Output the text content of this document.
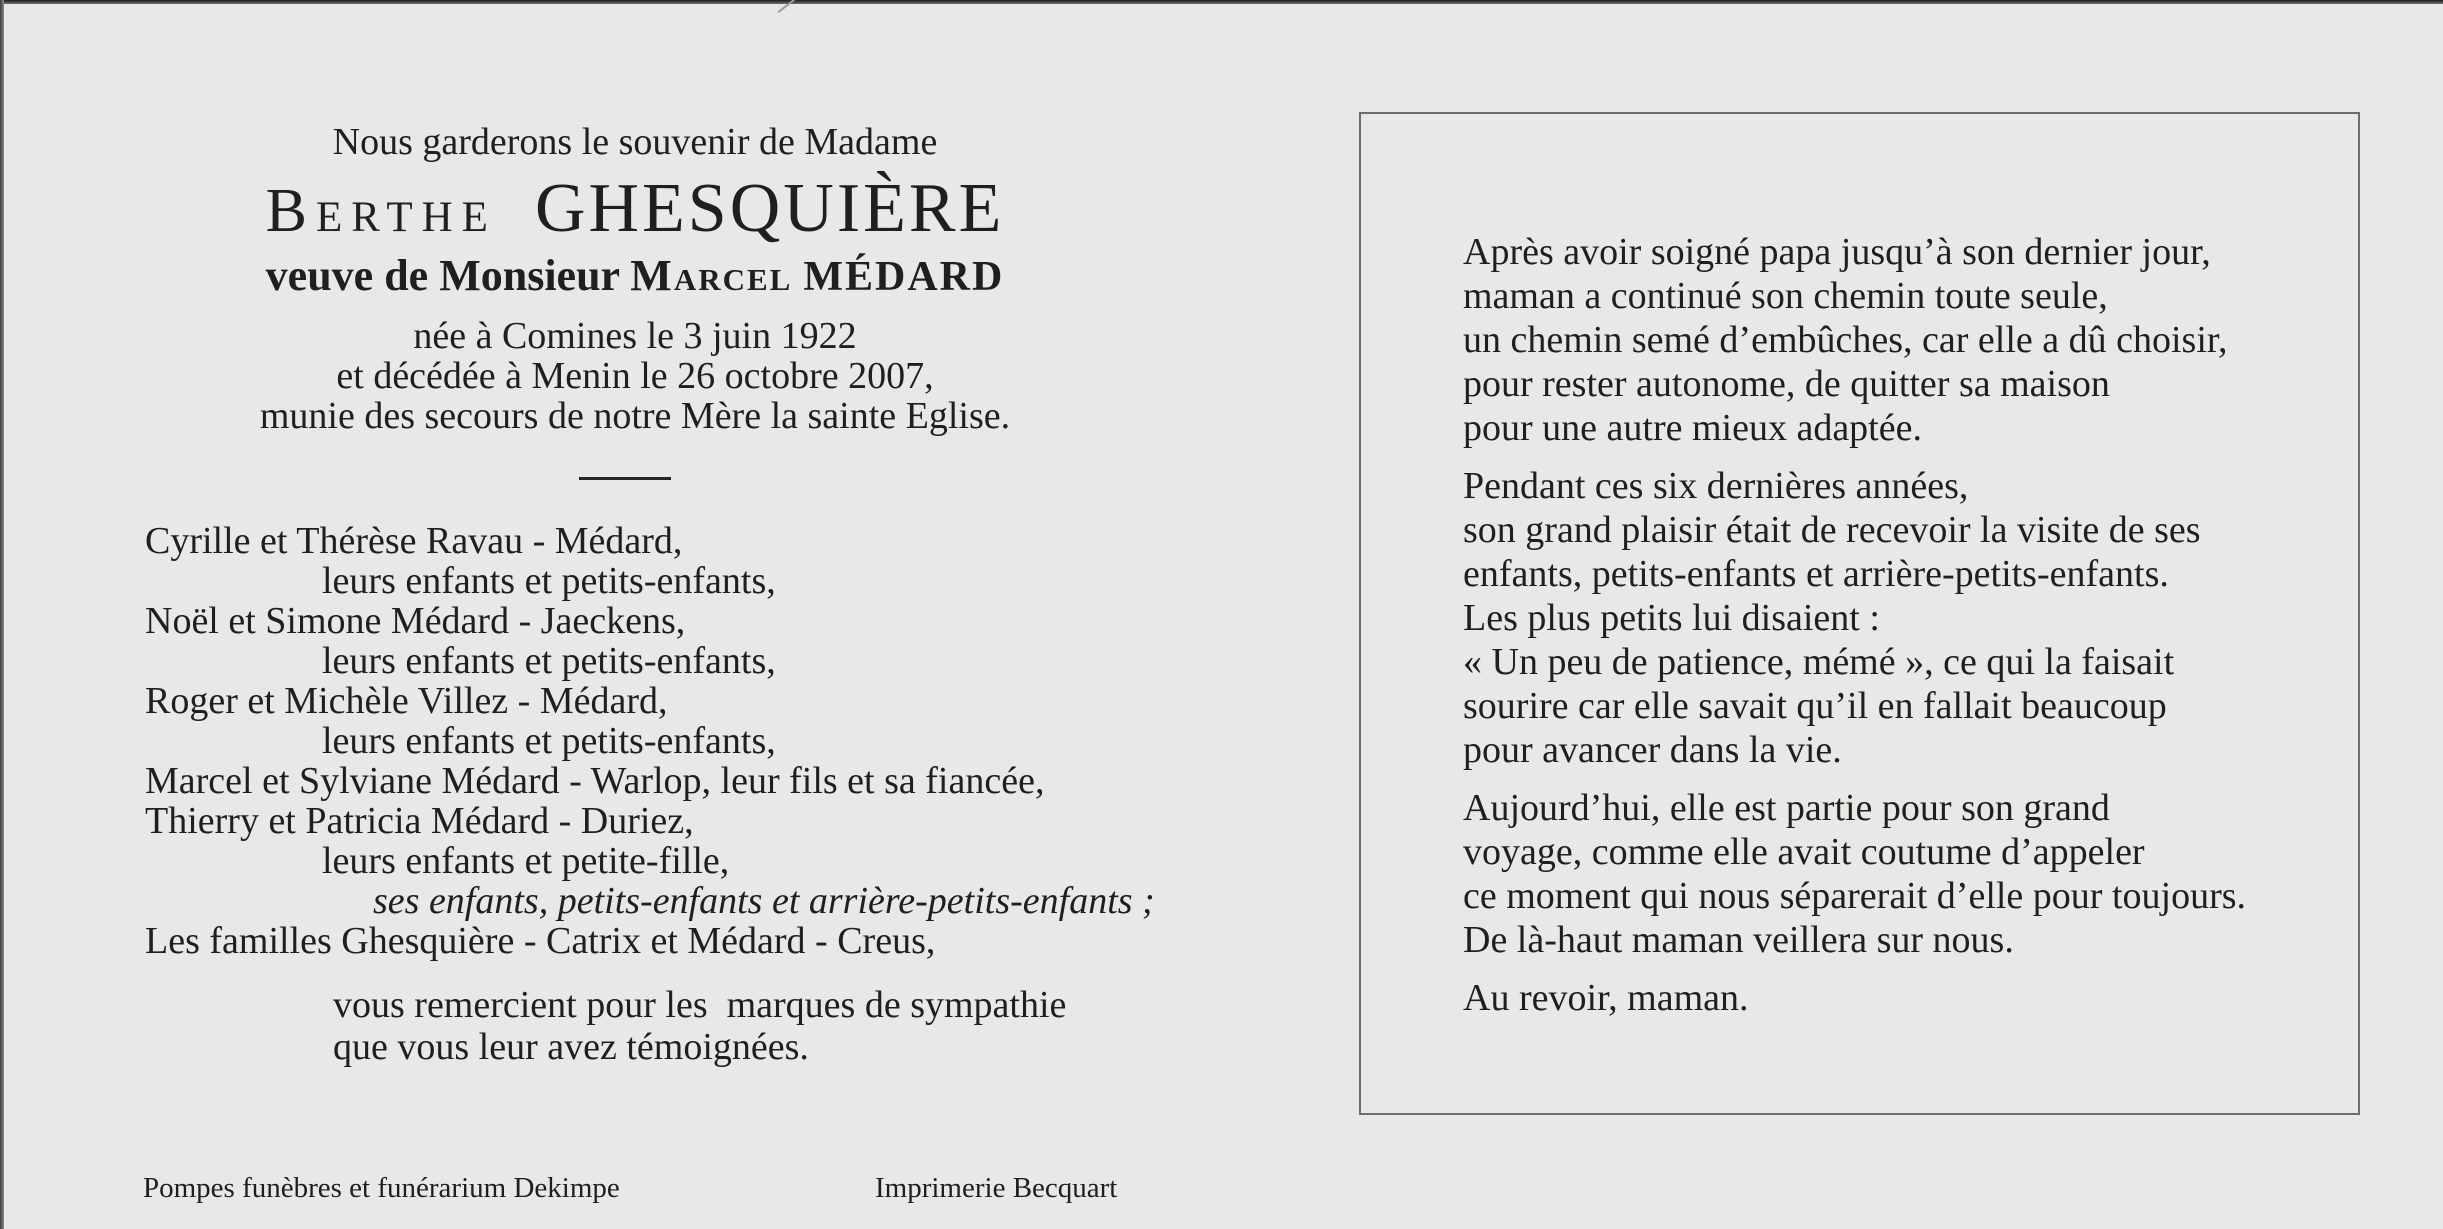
Nous garderons le souvenir de Madame
Berthe GHESQUIÈRE
veuve de Monsieur Marcel MÉDARD
née à Comines le 3 juin 1922
et décédée à Menin le 26 octobre 2007,
munie des secours de notre Mère la sainte Eglise.
Cyrille et Thérèse Ravau - Médard,
leurs enfants et petits-enfants,
Noël et Simone Médard - Jaeckens,
leurs enfants et petits-enfants,
Roger et Michèle Villez - Médard,
leurs enfants et petits-enfants,
Marcel et Sylviane Médard - Warlop, leur fils et sa fiancée,
Thierry et Patricia Médard - Duriez,
leurs enfants et petite-fille,
ses enfants, petits-enfants et arrière-petits-enfants ;
Les familles Ghesquière - Catrix et Médard - Creus,
vous remercient pour les  marques de sympathie
que vous leur avez témoignées.
Pompes funèbres et funérarium Dekimpe	Imprimerie Becquart
Après avoir soigné papa jusqu’à son dernier jour,
maman a continué son chemin toute seule,
un chemin semé d’embûches, car elle a dû choisir,
pour rester autonome, de quitter sa maison
pour une autre mieux adaptée.
Pendant ces six dernières années,
son grand plaisir était de recevoir la visite de ses
enfants, petits-enfants et arrière-petits-enfants.
Les plus petits lui disaient :
« Un peu de patience, mémé », ce qui la faisait
sourire car elle savait qu’il en fallait beaucoup
pour avancer dans la vie.
Aujourd’hui, elle est partie pour son grand
voyage, comme elle avait coutume d’appeler
ce moment qui nous séparerait d’elle pour toujours.
De là-haut maman veillera sur nous.
Au revoir, maman.
